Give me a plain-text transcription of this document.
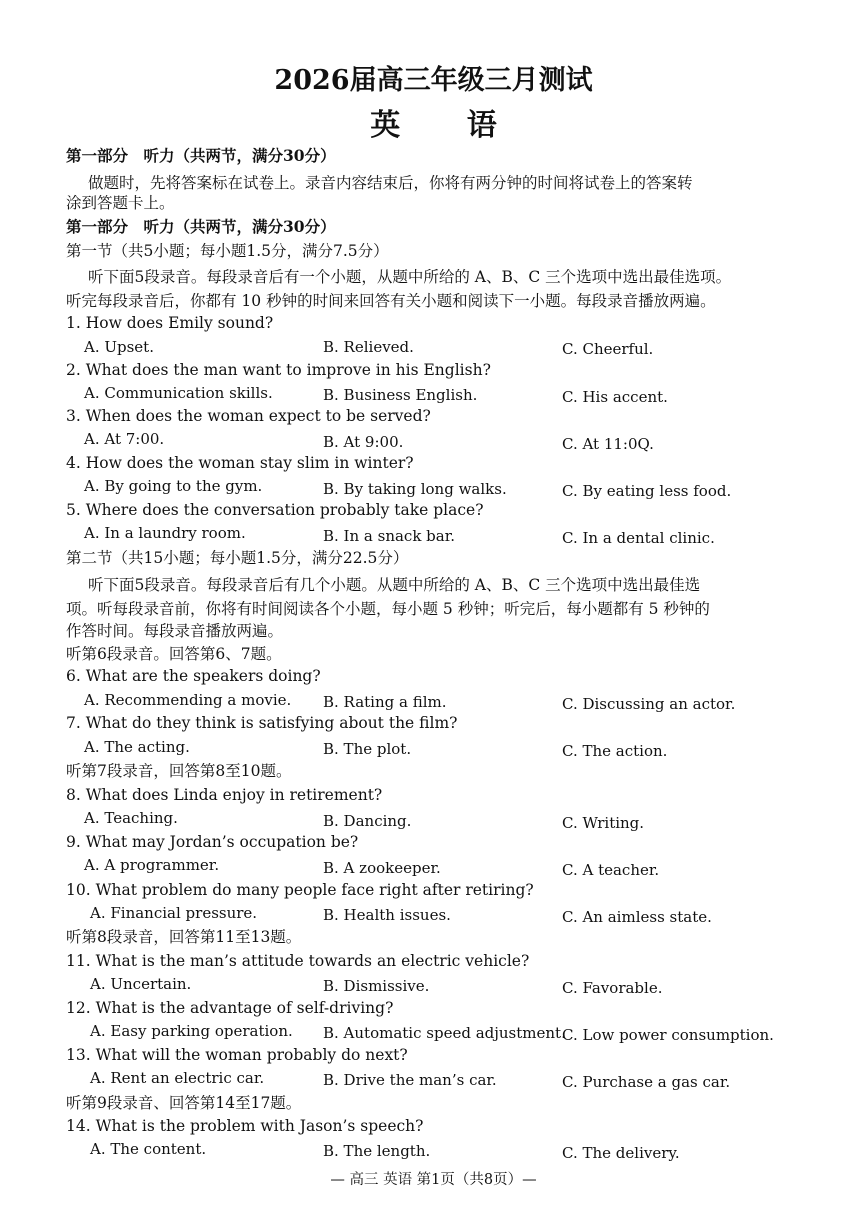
2026届高三年级三月测试
英 语
第一部分　听力（共两节，满分30分）
做题时，先将答案标在试卷上。录音内容结束后，你将有两分钟的时间将试卷上的答案转
涂到答题卡上。
第一部分　听力（共两节，满分30分）
第一节（共5小题；每小题1.5分，满分7.5分）
听下面5段录音。每段录音后有一个小题，从题中所给的 A、B、C 三个选项中选出最佳选项。
听完每段录音后，你都有 10 秒钟的时间来回答有关小题和阅读下一小题。每段录音播放两遍。
1. How does Emily sound?
A. Upset.	B. Relieved.	C. Cheerful.
2. What does the man want to improve in his English?
A. Communication skills.	B. Business English.	C. His accent.
3. When does the woman expect to be served?
A. At 7:00.	B. At 9:00.	C. At 11:0Q.
4. How does the woman stay slim in winter?
A. By going to the gym.	B. By taking long walks.	C. By eating less food.
5. Where does the conversation probably take place?
A. In a laundry room.	B. In a snack bar.	C. In a dental clinic.
第二节（共15小题；每小题1.5分，满分22.5分）
听下面5段录音。每段录音后有几个小题。从题中所给的 A、B、C 三个选项中选出最佳选
项。听每段录音前，你将有时间阅读各个小题，每小题 5 秒钟；听完后，每小题都有 5 秒钟的
作答时间。每段录音播放两遍。
听第6段录音。回答第6、7题。
6. What are the speakers doing?
A. Recommending a movie. B. Rating a film.	C. Discussing an actor.
7. What do they think is satisfying about the film?
A. The acting.	B. The plot.	C. The action.
听第7段录音，回答第8至10题。
8. What does Linda enjoy in retirement?
A. Teaching.	B. Dancing.	C. Writing.
9. What may Jordan’s occupation be?
A. A programmer.	B. A zookeeper.	C. A teacher.
10. What problem do many people face right after retiring?
A. Financial pressure.	B. Health issues.	C. An aimless state.
听第8段录音，回答第11至13题。
11. What is the man’s attitude towards an electric vehicle?
A. Uncertain.	B. Dismissive.	C. Favorable.
12. What is the advantage of self-driving?
A. Easy parking operation. B. Automatic speed adjustment.
C. Low power consumption.
13. What will the woman probably do next?
A. Rent an electric car.	B. Drive the man’s car.	C. Purchase a gas car.
听第9段录音、回答第14至17题。
14. What is the problem with Jason’s speech?
A. The content.	B. The length.	C. The delivery.
— 高三 英语 第1页（共8页）—
